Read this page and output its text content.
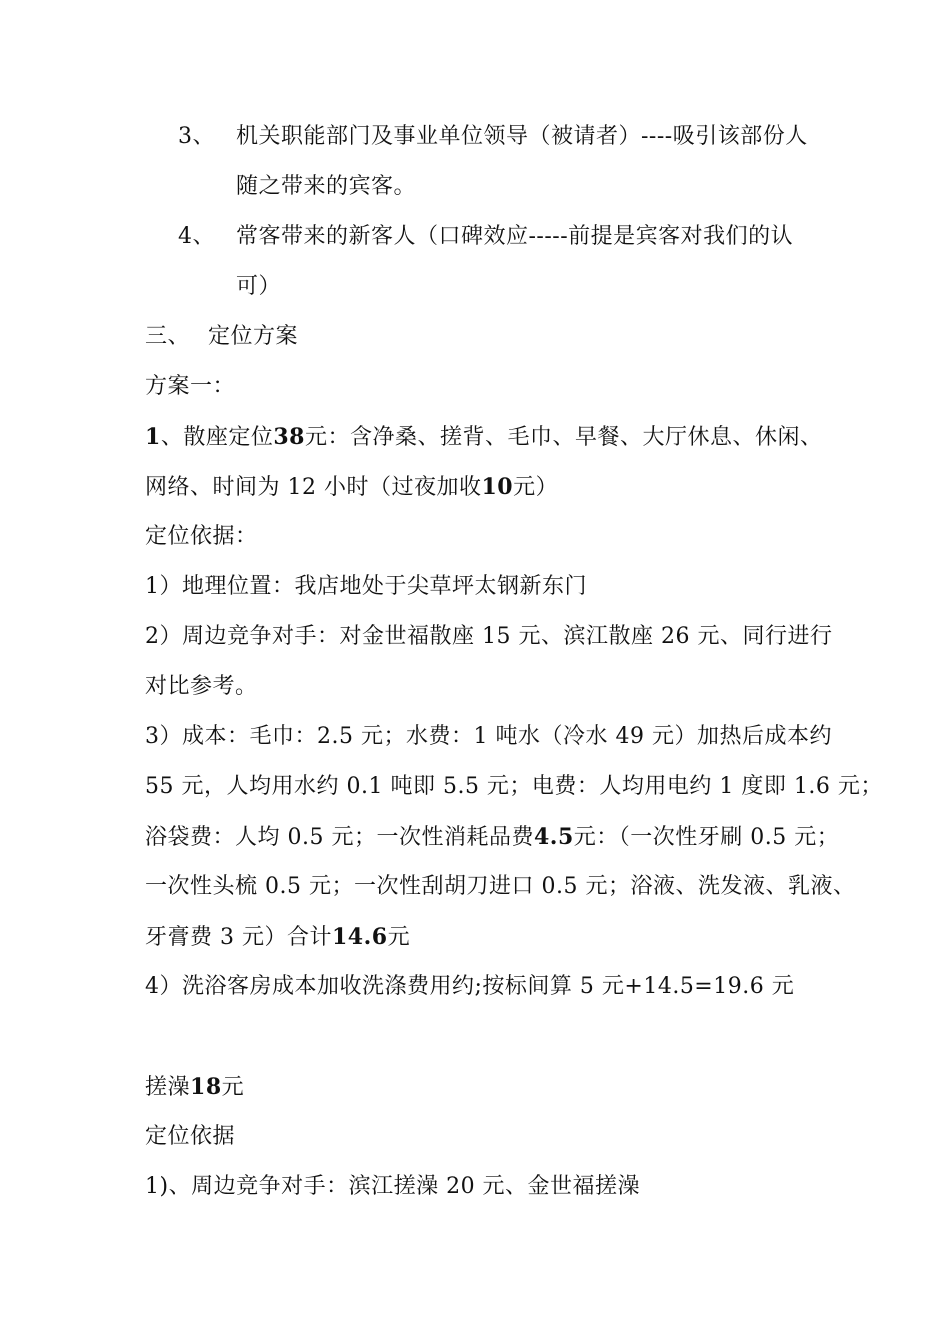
3、 机关职能部门及事业单位领导（被请者）----吸引该部份人
随之带来的宾客。
4、 常客带来的新客人（口碑效应-----前提是宾客对我们的认
可）
三、 定位方案
方案一：
1、散座定位38元：含净桑、搓背、毛巾、早餐、大厅休息、休闲、
网络、时间为 12 小时（过夜加收10元）
定位依据：
1）地理位置：我店地处于尖草坪太钢新东门
2）周边竞争对手：对金世福散座 15 元、滨江散座 26 元、同行进行
对比参考。
3）成本：毛巾：2.5 元；水费：1 吨水（冷水 49 元）加热后成本约
55 元，人均用水约 0.1 吨即 5.5 元；电费：人均用电约 1 度即 1.6 元；
浴袋费：人均 0.5 元；一次性消耗品费4.5元：（一次性牙刷 0.5 元；
一次性头梳 0.5 元；一次性刮胡刀进口 0.5 元；浴液、洗发液、乳液、
牙膏费 3 元）合计14.6元
4）洗浴客房成本加收洗涤费用约;按标间算 5 元+14.5=19.6 元
搓澡18元
定位依据
1)、周边竞争对手：滨江搓澡 20 元、金世福搓澡
